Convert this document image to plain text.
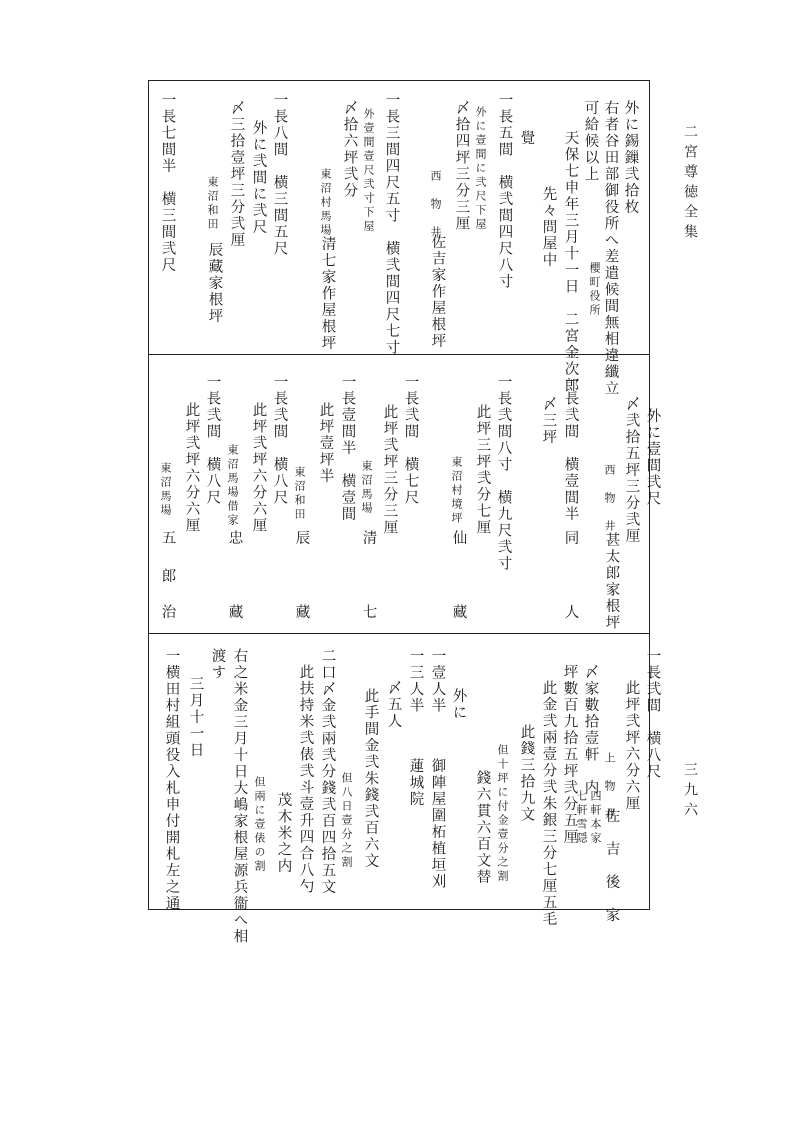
二宮尊徳全集
三九六
外に錫鏁弐拾枚
右者谷田部御役所へ差遣候間無相違纖立
可給候以上
天保七申年三月十一日　二宮金次郎 櫻町役所
先々問屋中
覺
一長五間　横弐間四尺八寸
外に壹間に弐尺下屋
〆拾四坪三分三厘
西　物　井
佐吉家作屋根坪
一長三間四尺五寸　横弐間四尺七寸
外壹間壹尺弐寸下屋
〆拾六坪弐分
東沼村馬場
清七家作屋根坪
一長八間　横三間五尺
外に弐間に弐尺
〆三拾壹坪三分弐厘
東沼和田
辰藏家根坪
一長七間半　横三間弐尺
外に壹間弐尺
〆弐拾五坪三分弐厘
西　物　井
甚太郎家根坪
一長弐間　横壹間半
同
人
〆三坪
一長弐間八寸　横九尺弐寸
此坪三坪弐分七厘
東沼村境坪
仙
藏
一長弐間　横七尺
此坪弐坪三分三厘
東沼馬場
清
七
一長壹間半　横壹間
此坪壹坪半
東沼和田
辰
藏
一長弐間　横八尺
此坪弐坪六分六厘
東沼馬場借家
忠
藏
一長弐間　横八尺
此坪弐坪六分六厘
東沼馬場
五
郎
治
一長弐間　横八尺
此坪弐坪六分六厘
上　物　井
佐　吉　後　家
〆家數拾壹軒　内
四軒
七軒
本家
雪隠
坪數百九拾五坪弐分五厘
此金弐兩壹分弐朱銀三分七厘五毛
此錢三拾九文
但十坪に付金壹分之割
錢六貫六百文替
一壹人半
御陣屋圍柘植垣刈
一三人半
蓮城院
外に
〆五人
此手間金弐朱錢弐百六文
但八日壹分之割
二口〆金弐兩弐分錢弐百四拾五文
此扶持米弐俵弐斗壹升四合八勺
茂木米之内
但兩に壹俵の割
右之米金三月十日大嶋家根屋源兵衞へ相
渡す
三月十一日
一横田村組頭役入札申付開札左之通
